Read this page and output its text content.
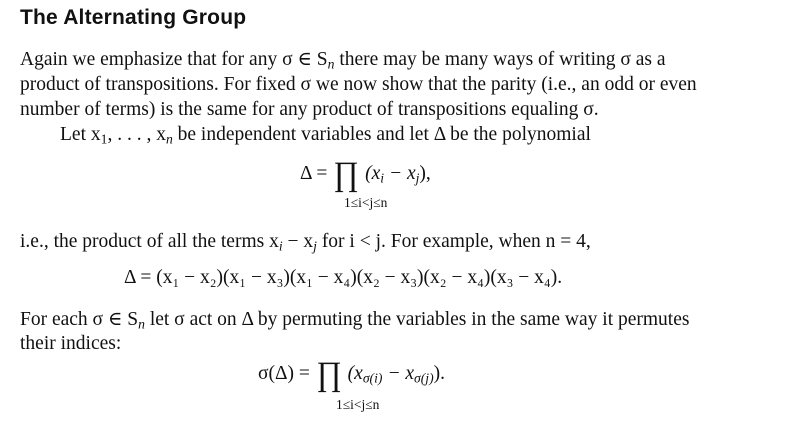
The Alternating Group
Again we emphasize that for any σ ∈ $S_n$ there may be many ways of writing σ as a
product of transpositions. For fixed σ we now show that the parity (i.e., an odd or even
number of terms) is the same for any product of transpositions equaling σ.
Let $x_1$, . . . , $x_n$ be independent variables and let Δ be the polynomial
Δ = ∏ $(x_i - x_j)$,
1≤i<j≤n
i.e., the product of all the terms $x_i - x_j$ for i < j. For example, when n = 4,
Δ = (x₁ − x₂)(x₁ − x₃)(x₁ − x₄)(x₂ − x₃)(x₂ − x₄)(x₃ − x₄).
For each σ ∈ $S_n$ let σ act on Δ by permuting the variables in the same way it permutes
their indices:
σ(Δ) = ∏ $(x_{\sigma(i)} - x_{\sigma(j)})$.
1≤i<j≤n
